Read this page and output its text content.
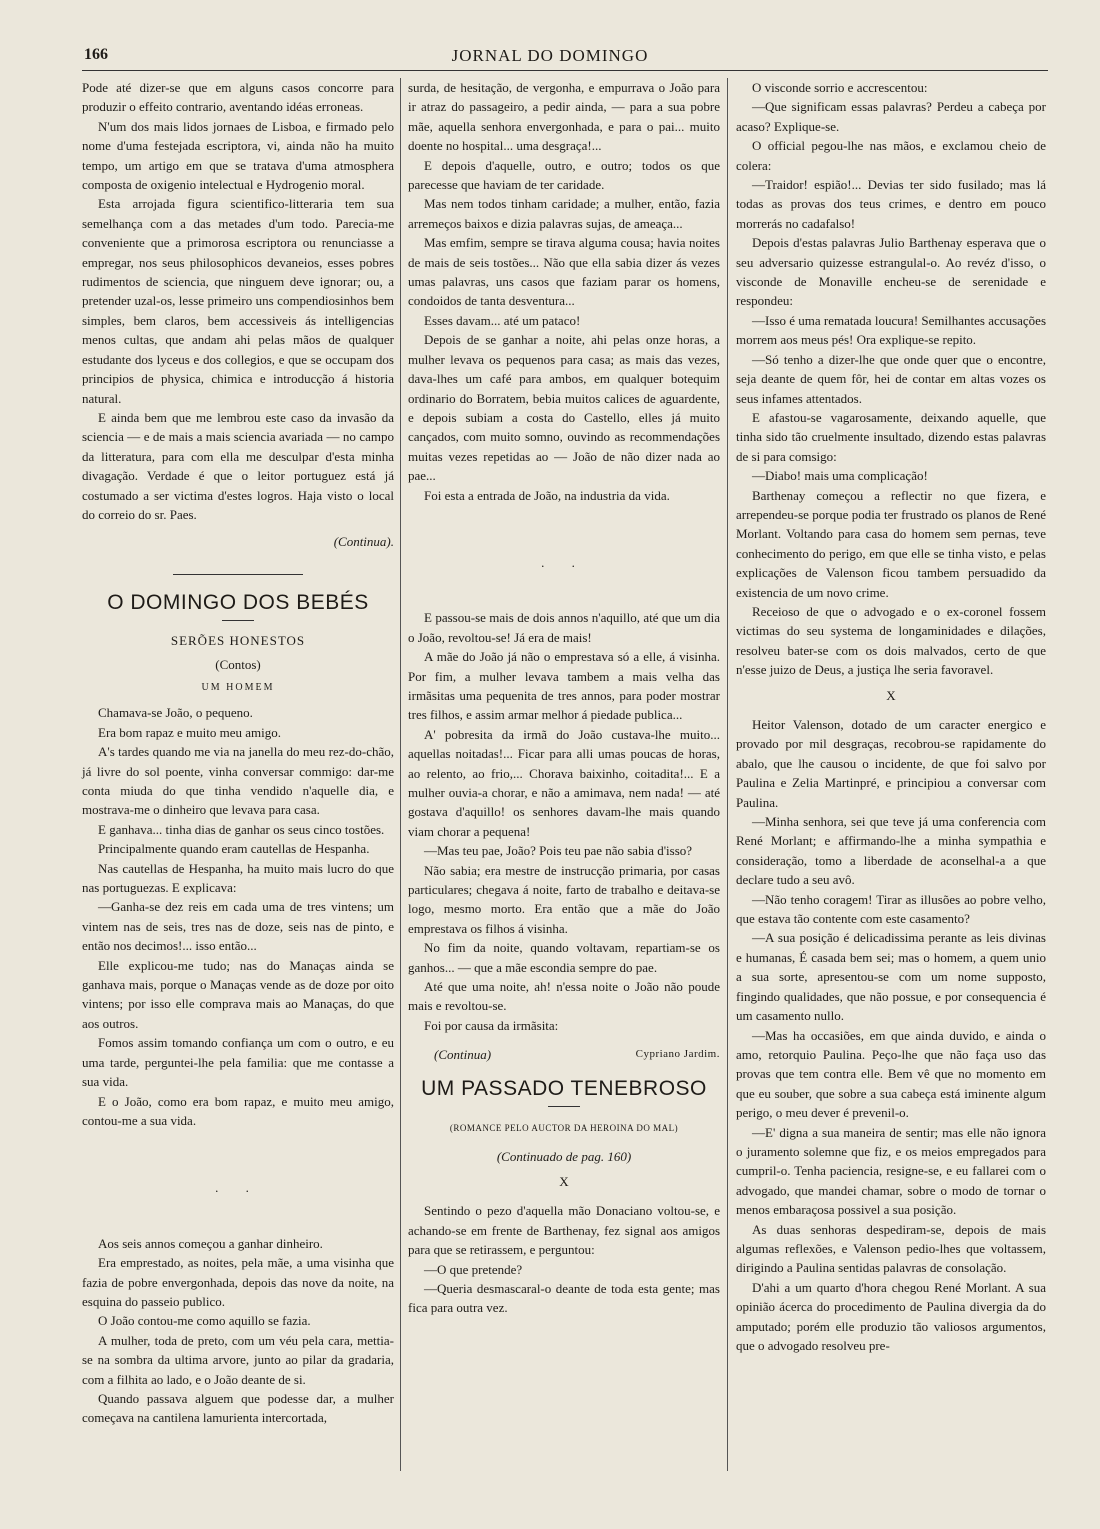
166	JORNAL DO DOMINGO

Pode até dizer-se que em alguns casos concorre para produzir o effeito contrario, aventando idéas erroneas.

N'um dos mais lidos jornaes de Lisboa, e firmado pelo nome d'uma festejada escriptora, vi, ainda não ha muito tempo, um artigo em que se tratava d'uma atmosphera composta de oxigenio intelectual e Hydrogenio moral.

Esta arrojada figura scientifico-litteraria tem sua semelhança com a das metades d'um todo. Parecia-me conveniente que a primorosa escriptora ou renunciasse a empregar, nos seus philosophicos devaneios, esses pobres rudimentos de sciencia, que ninguem deve ignorar; ou, a pretender uzal-os, lesse primeiro uns compendiosinhos bem simples, bem claros, bem accessiveis ás intelligencias menos cultas, que andam ahi pelas mãos de qualquer estudante dos lyceus e dos collegios, e que se occupam dos principios de physica, chimica e introducção á historia natural.

E ainda bem que me lembrou este caso da invasão da sciencia — e de mais a mais sciencia avariada — no campo da litteratura, para com ella me desculpar d'esta minha divagação. Verdade é que o leitor portuguez está já costumado a ser victima d'estes logros. Haja visto o local do correio do sr. Paes.

(Continua).

O DOMINGO DOS BEBÉS
SERÕES HONESTOS
(Contos)
UM HOMEM

Chamava-se João, o pequeno.

Era bom rapaz e muito meu amigo.

A's tardes quando me via na janella do meu rez-do-chão, já livre do sol poente, vinha conversar commigo: dar-me conta miuda do que tinha vendido n'aquelle dia, e mostrava-me o dinheiro que levava para casa.

E ganhava... tinha dias de ganhar os seus cinco tostões.

Principalmente quando eram cautellas de Hespanha.

Nas cautellas de Hespanha, ha muito mais lucro do que nas portuguezas. E explicava:

—Ganha-se dez reis em cada uma de tres vintens; um vintem nas de seis, tres nas de doze, seis nas de pinto, e então nos decimos!... isso então...

Elle explicou-me tudo; nas do Manaças ainda se ganhava mais, porque o Manaças vende as de doze por oito vintens; por isso elle comprava mais ao Manaças, do que aos outros.

Fomos assim tomando confiança um com o outro, e eu uma tarde, perguntei-lhe pela familia: que me contasse a sua vida.

E o João, como era bom rapaz, e muito meu amigo, contou-me a sua vida.

. .

Aos seis annos começou a ganhar dinheiro.

Era emprestado, as noites, pela mãe, a uma visinha que fazia de pobre envergonhada, depois das nove da noite, na esquina do passeio publico.

O João contou-me como aquillo se fazia.

A mulher, toda de preto, com um véu pela cara, mettia-se na sombra da ultima arvore, junto ao pilar da gradaria, com a filhita ao lado, e o João deante de si.

Quando passava alguem que podesse dar, a mulher começava na cantilena lamurienta intercortada,

surda, de hesitação, de vergonha, e empurrava o João para ir atraz do passageiro, a pedir ainda, — para a sua pobre mãe, aquella senhora envergonhada, e para o pai... muito doente no hospital... uma desgraça!...

E depois d'aquelle, outro, e outro; todos os que parecesse que haviam de ter caridade.

Mas nem todos tinham caridade; a mulher, então, fazia arremeços baixos e dizia palavras sujas, de ameaça...

Mas emfim, sempre se tirava alguma cousa; havia noites de mais de seis tostões... Não que ella sabia dizer ás vezes umas palavras, uns casos que faziam parar os homens, condoidos de tanta desventura...

Esses davam... até um pataco!

Depois de se ganhar a noite, ahi pelas onze horas, a mulher levava os pequenos para casa; as mais das vezes, dava-lhes um café para ambos, em qualquer botequim ordinario do Borratem, bebia muitos calices de aguardente, e depois subiam a costa do Castello, elles já muito cançados, com muito somno, ouvindo as recommendações muitas vezes repetidas ao — João de não dizer nada ao pae...

Foi esta a entrada de João, na industria da vida.

. .

E passou-se mais de dois annos n'aquillo, até que um dia o João, revoltou-se! Já era de mais!

A mãe do João já não o emprestava só a elle, á visinha. Por fim, a mulher levava tambem a mais velha das irmãsitas uma pequenita de tres annos, para poder mostrar tres filhos, e assim armar melhor á piedade publica...

A' pobresita da irmã do João custava-lhe muito... aquellas noitadas!... Ficar para alli umas poucas de horas, ao relento, ao frio,... Chorava baixinho, coitadita!... E a mulher ouvia-a chorar, e não a amimava, nem nada! — até gostava d'aquillo! os senhores davam-lhe mais quando viam chorar a pequena!

—Mas teu pae, João? Pois teu pae não sabia d'isso?

Não sabia; era mestre de instrucção primaria, por casas particulares; chegava á noite, farto de trabalho e deitava-se logo, mesmo morto. Era então que a mãe do João emprestava os filhos á visinha.

No fim da noite, quando voltavam, repartiam-se os ganhos... — que a mãe escondia sempre do pae.

Até que uma noite, ah! n'essa noite o João não poude mais e revoltou-se.

Foi por causa da irmãsita:

(Continua)	Cypriano Jardim.
UM PASSADO TENEBROSO
(ROMANCE PELO AUCTOR DA HEROINA DO MAL)
(Continuado de pag. 160)
X

Sentindo o pezo d'aquella mão Donaciano voltou-se, e achando-se em frente de Barthenay, fez signal aos amigos para que se retirassem, e perguntou:

—O que pretende?

—Queria desmascaral-o deante de toda esta gente; mas fica para outra vez.

O visconde sorrio e accrescentou:

—Que significam essas palavras? Perdeu a cabeça por acaso? Explique-se.

O official pegou-lhe nas mãos, e exclamou cheio de colera:

—Traidor! espião!... Devias ter sido fusilado; mas lá todas as provas dos teus crimes, e dentro em pouco morrerás no cadafalso!

Depois d'estas palavras Julio Barthenay esperava que o seu adversario quizesse estrangulal-o. Ao revéz d'isso, o visconde de Monaville encheu-se de serenidade e respondeu:

—Isso é uma rematada loucura! Semilhantes accusações morrem aos meus pés! Ora explique-se repito.

—Só tenho a dizer-lhe que onde quer que o encontre, seja deante de quem fôr, hei de contar em altas vozes os seus infames attentados.

E afastou-se vagarosamente, deixando aquelle, que tinha sido tão cruelmente insultado, dizendo estas palavras de si para comsigo:

—Diabo! mais uma complicação!

Barthenay começou a reflectir no que fizera, e arrependeu-se porque podia ter frustrado os planos de René Morlant. Voltando para casa do homem sem pernas, teve conhecimento do perigo, em que elle se tinha visto, e pelas explicações de Valenson ficou tambem persuadido da existencia de um novo crime.

Receioso de que o advogado e o ex-coronel fossem victimas do seu systema de longaminidades e dilações, resolveu bater-se com os dois malvados, certo de que n'esse juizo de Deus, a justiça lhe seria favoravel.

X

Heitor Valenson, dotado de um caracter energico e provado por mil desgraças, recobrou-se rapidamente do abalo, que lhe causou o incidente, de que foi salvo por Paulina e Zelia Martinpré, e principiou a conversar com Paulina.

—Minha senhora, sei que teve já uma conferencia com René Morlant; e affirmando-lhe a minha sympathia e consideração, tomo a liberdade de aconselhal-a a que declare tudo a seu avô.

—Não tenho coragem! Tirar as illusões ao pobre velho, que estava tão contente com este casamento?

—A sua posição é delicadissima perante as leis divinas e humanas, É casada bem sei; mas o homem, a quem unio a sua sorte, apresentou-se com um nome supposto, fingindo qualidades, que não possue, e por consequencia é um casamento nullo.

—Mas ha occasiões, em que ainda duvido, e ainda o amo, retorquio Paulina. Peço-lhe que não faça uso das provas que tem contra elle. Bem vê que no momento em que eu souber, que sobre a sua cabeça está iminente algum perigo, o meu dever é prevenil-o.

—E' digna a sua maneira de sentir; mas elle não ignora o juramento solemne que fiz, e os meios empregados para cumpril-o. Tenha paciencia, resigne-se, e eu fallarei com o advogado, que mandei chamar, sobre o modo de tornar o menos embaraçosa possivel a sua posição.

As duas senhoras despediram-se, depois de mais algumas reflexões, e Valenson pedio-lhes que voltassem, dirigindo a Paulina sentidas palavras de consolação.

D'ahi a um quarto d'hora chegou René Morlant. A sua opinião ácerca do procedimento de Paulina divergia da do amputado; porém elle produzio tão valiosos argumentos, que o advogado resolveu pre-
